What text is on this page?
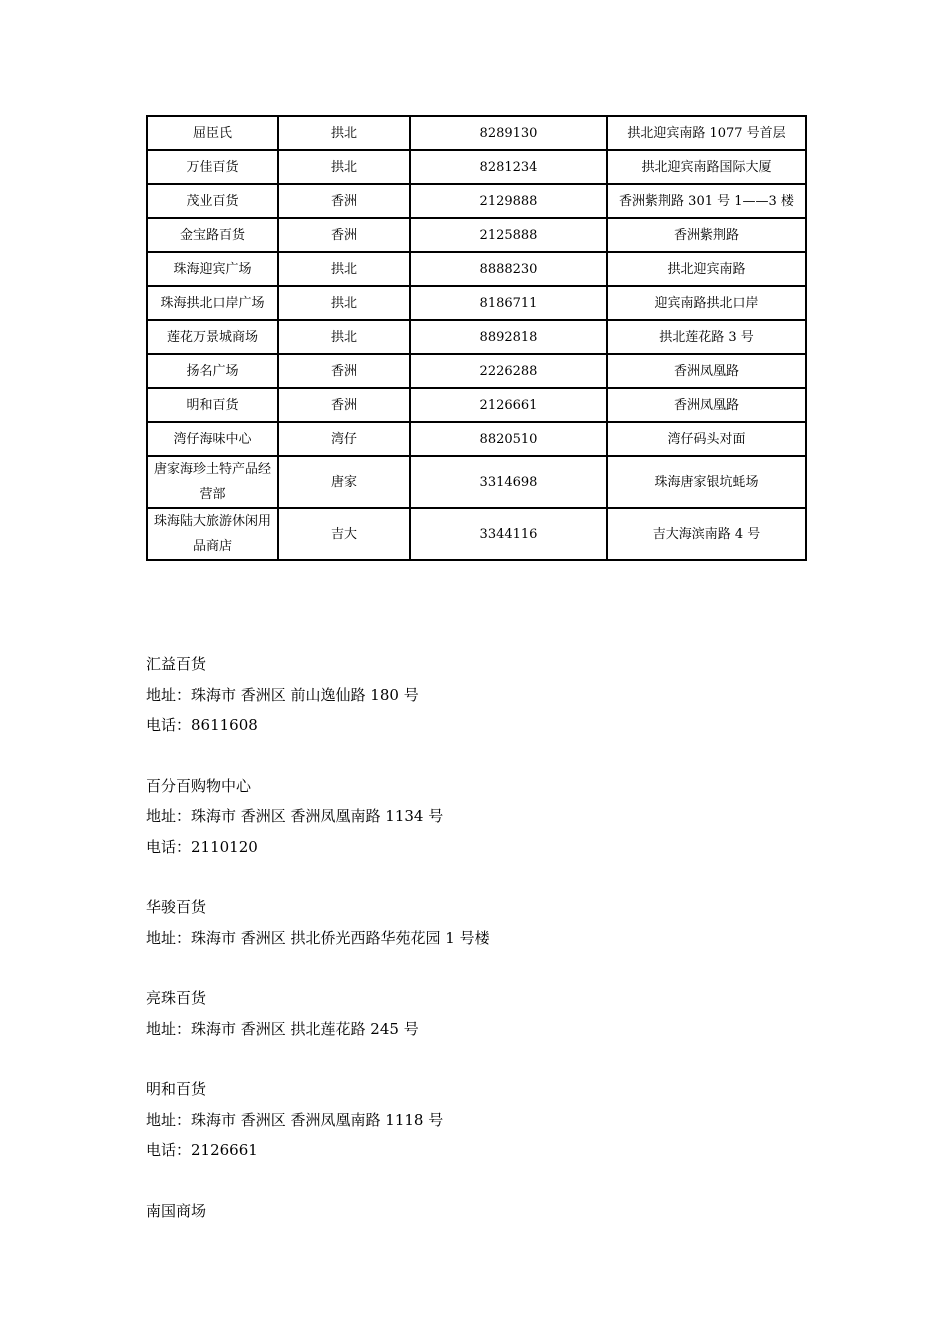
屈臣氏	拱北	8289130	拱北迎宾南路 1077 号首层
万佳百货	拱北	8281234	拱北迎宾南路国际大厦
茂业百货	香洲	2129888	香洲紫荆路 301 号 1——3 楼
金宝路百货	香洲	2125888	香洲紫荆路
珠海迎宾广场	拱北	8888230	拱北迎宾南路
珠海拱北口岸广场	拱北	8186711	迎宾南路拱北口岸
莲花万景城商场	拱北	8892818	拱北莲花路 3 号
扬名广场	香洲	2226288	香洲凤凰路
明和百货	香洲	2126661	香洲凤凰路
湾仔海味中心	湾仔	8820510	湾仔码头对面
唐家海珍土特产品经营部	唐家	3314698	珠海唐家银坑蚝场
珠海陆大旅游休闲用品商店	吉大	3344116	吉大海滨南路 4 号
汇益百货
地址：珠海市 香洲区 前山逸仙路 180 号
电话：8611608
百分百购物中心
地址：珠海市 香洲区 香洲凤凰南路 1134 号
电话：2110120
华骏百货
地址：珠海市 香洲区 拱北侨光西路华苑花园 1 号楼
亮珠百货
地址：珠海市 香洲区 拱北莲花路 245 号
明和百货
地址：珠海市 香洲区 香洲凤凰南路 1118 号
电话：2126661
南国商场
